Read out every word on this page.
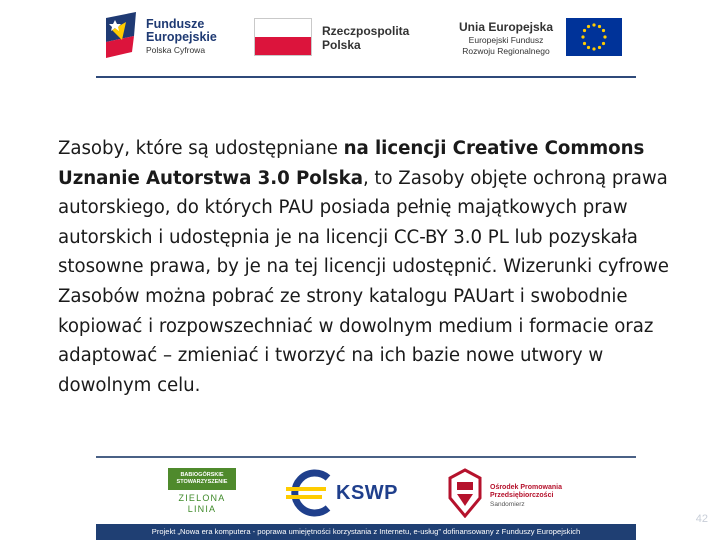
Fundusze
Europejskie
Polska Cyfrowa
Rzeczpospolita
Polska
Unia Europejska
Europejski Fundusz
Rozwoju Regionalnego

Zasoby, które są udostępniane na licencji Creative Commons Uznanie Autorstwa 3.0 Polska, to Zasoby objęte ochroną prawa autorskiego, do których PAU posiada pełnię majątkowych praw autorskich i udostępnia je na licencji CC-BY 3.0 PL lub pozyskała stosowne prawa, by je na tej licencji udostępnić. Wizerunki cyfrowe Zasobów można pobrać ze strony katalogu PAUart i swobodnie kopiować i rozpowszechniać w dowolnym medium i formacie oraz adaptować – zmieniać i tworzyć na ich bazie nowe utwory w dowolnym celu.

BABIOGÓRSKIE
STOWARZYSZENIE
ZIELONA
LINIA
KSWP	Ośrodek Promowania
Przedsiębiorczości
Sandomierz
Projekt „Nowa era komputera - poprawa umiejętności korzystania z Internetu, e-usług” dofinansowany z Funduszy Europejskich
42
